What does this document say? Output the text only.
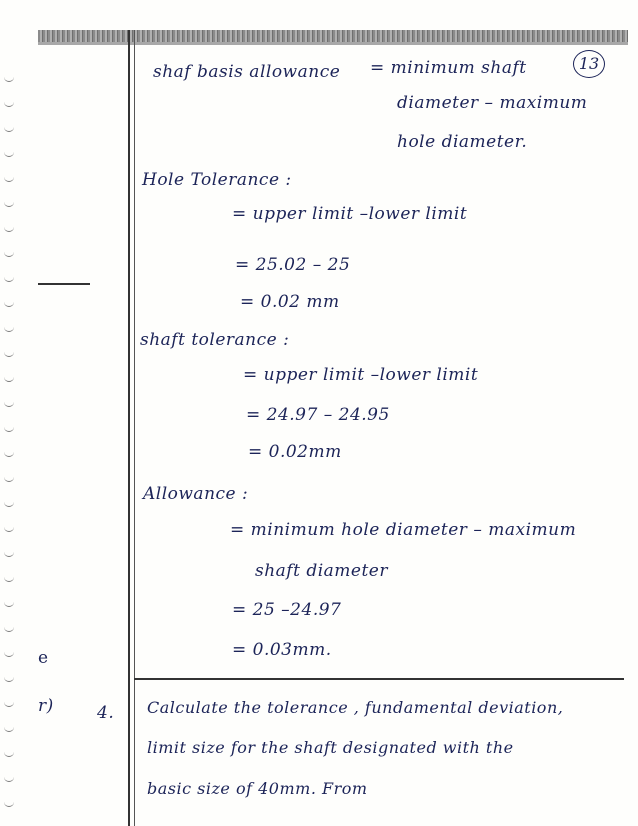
13
shaf basis allowance = minimum shaft
diameter – maximum
hole diameter.
Hole Tolerance :
= upper limit –lower limit
= 25.02 – 25
= 0.02 mm
shaft tolerance :
= upper limit –lower limit
= 24.97 – 24.95
= 0.02mm
Allowance :
= minimum hole diameter – maximum
shaft diameter
= 25 –24.97
= 0.03mm.
e
r)	4. Calculate the tolerance , fundamental deviation,
limit size for the shaft designated with the
basic size of 40mm. From
